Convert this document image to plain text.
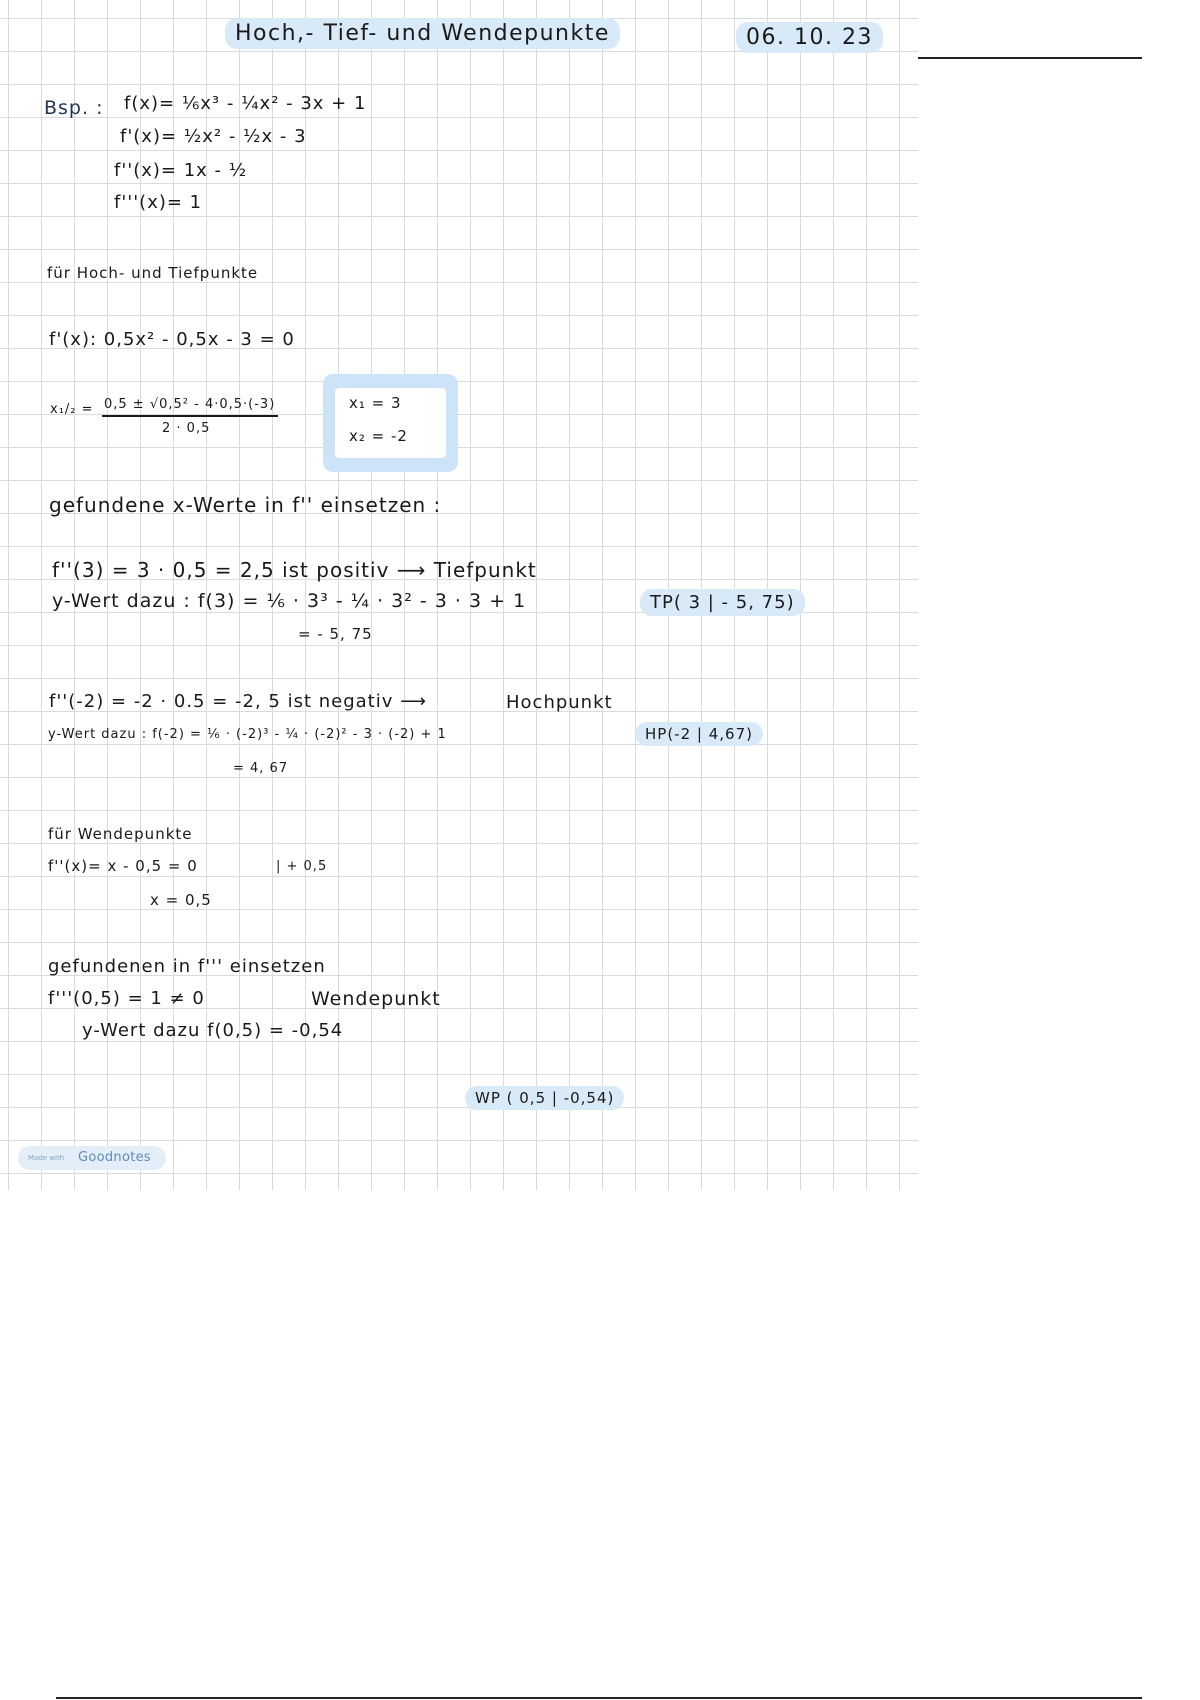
Hoch,- Tief- und Wendepunkte	06. 10. 23
Bsp. : f(x)= ⅙x³ - ¼x² - 3x + 1
f'(x)= ½x² - ½x - 3
f''(x)= 1x - ½
f'''(x)= 1
für Hoch- und Tiefpunkte
f'(x): 0,5x² - 0,5x - 3 = 0
x₁/₂ = 0,5 ± √0,5² - 4·0,5·(-3)
2 · 0,5
x₁ = 3
x₂ = -2
gefundene x-Werte in f'' einsetzen :
f''(3) = 3 · 0,5 = 2,5 ist positiv ⟶ Tiefpunkt
y-Wert dazu : f(3) = ⅙ · 3³ - ¼ · 3² - 3 · 3 + 1
= - 5, 75
TP( 3 | - 5, 75)
f''(-2) = -2 · 0.5 = -2, 5 ist negativ ⟶	Hochpunkt
y-Wert dazu : f(-2) = ⅙ · (-2)³ - ¼ · (-2)² - 3 · (-2) + 1
= 4, 67
HP(-2 | 4,67)
für Wendepunkte
f''(x)= x - 0,5 = 0	| + 0,5
x = 0,5
gefundenen in f''' einsetzen
f'''(0,5) = 1 ≠ 0	Wendepunkt
y-Wert dazu f(0,5) = -0,54
WP ( 0,5 | -0,54)
Made with Goodnotes
